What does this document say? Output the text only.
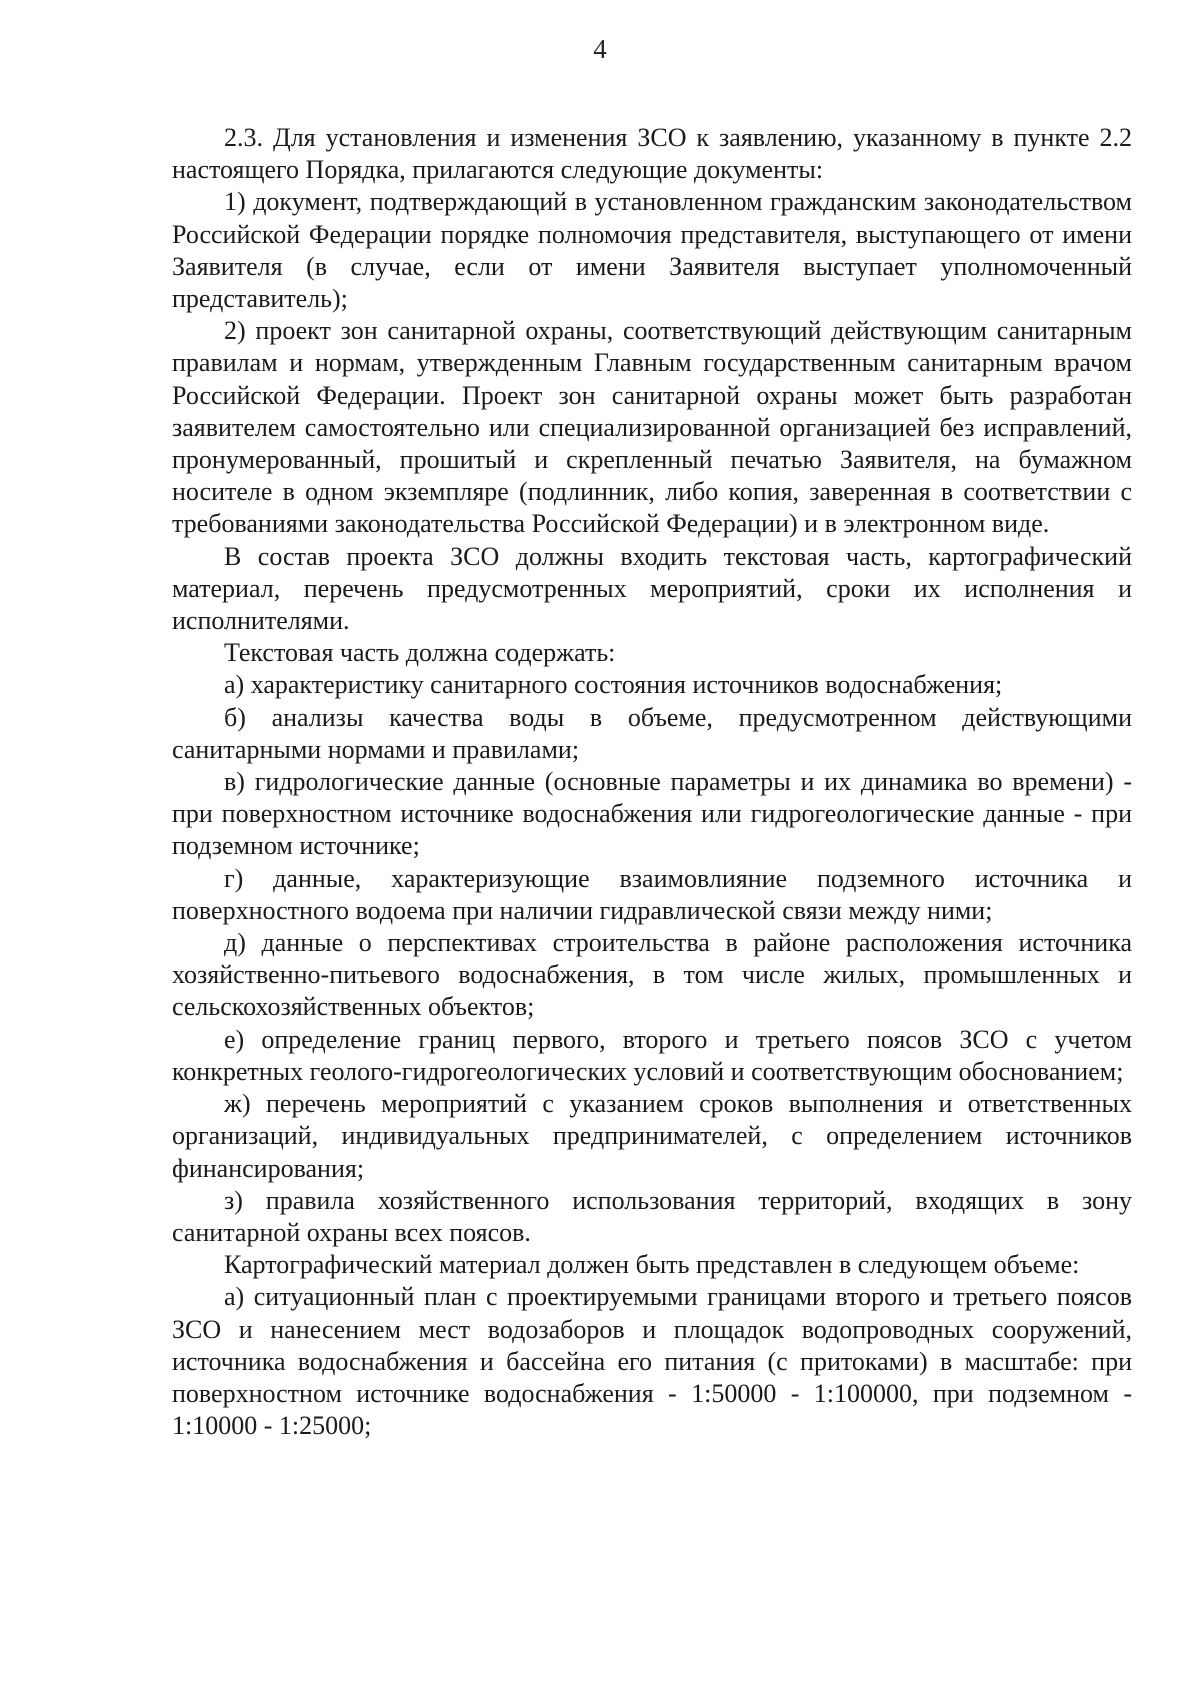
4

2.3. Для установления и изменения ЗСО к заявлению, указанному в пункте 2.2 настоящего Порядка, прилагаются следующие документы:

1) документ, подтверждающий в установленном гражданским законодательством Российской Федерации порядке полномочия представителя, выступающего от имени Заявителя (в случае, если от имени Заявителя выступает уполномоченный представитель);

2) проект зон санитарной охраны, соответствующий действующим санитарным правилам и нормам, утвержденным Главным государственным санитарным врачом Российской Федерации. Проект зон санитарной охраны может быть разработан заявителем самостоятельно или специализированной организацией без исправлений, пронумерованный, прошитый и скрепленный печатью Заявителя, на бумажном носителе в одном экземпляре (подлинник, либо копия, заверенная в соответствии с требованиями законодательства Российской Федерации) и в электронном виде.

В состав проекта ЗСО должны входить текстовая часть, картографический материал, перечень предусмотренных мероприятий, сроки их исполнения и исполнителями.

Текстовая часть должна содержать:

а) характеристику санитарного состояния источников водоснабжения;

б) анализы качества воды в объеме, предусмотренном действующими санитарными нормами и правилами;

в) гидрологические данные (основные параметры и их динамика во времени) - при поверхностном источнике водоснабжения или гидрогеологические данные - при подземном источнике;

г) данные, характеризующие взаимовлияние подземного источника и поверхностного водоема при наличии гидравлической связи между ними;

д) данные о перспективах строительства в районе расположения источника хозяйственно-питьевого водоснабжения, в том числе жилых, промышленных и сельскохозяйственных объектов;

е) определение границ первого, второго и третьего поясов ЗСО с учетом конкретных геолого-гидрогеологических условий и соответствующим обоснованием;

ж) перечень мероприятий с указанием сроков выполнения и ответственных организаций, индивидуальных предпринимателей, с определением источников финансирования;

з) правила хозяйственного использования территорий, входящих в зону санитарной охраны всех поясов.

Картографический материал должен быть представлен в следующем объеме:

а) ситуационный план с проектируемыми границами второго и третьего поясов ЗСО и нанесением мест водозаборов и площадок водопроводных сооружений, источника водоснабжения и бассейна его питания (с притоками) в масштабе: при поверхностном источнике водоснабжения - 1:50000 - 1:100000, при подземном - 1:10000 - 1:25000;
